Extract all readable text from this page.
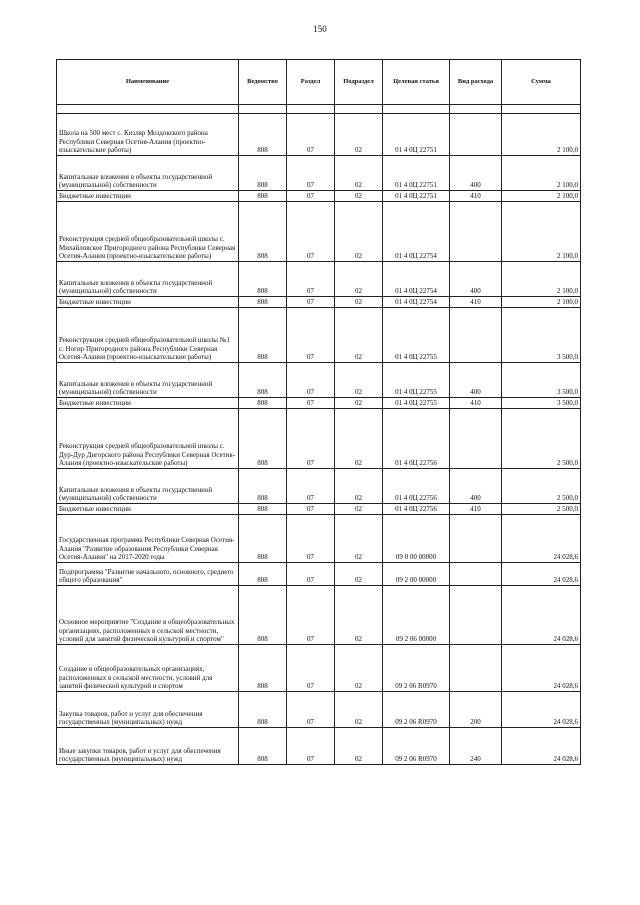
150
Наименование	Ведомство	Раздел	Подраздел	Целевая статья	Вид расхода	Сумма

Школа на 500 мест с. Кизляр Моздокского района Республики Северная Осетия-Алания (проектно-изыскательские работы)	808	07	02	01 4 0Ц 22751		2 100,0
Капитальные вложения в объекты государственной (муниципальной) собственности	808	07	02	01 4 0Ц 22751	400	2 100,0
Бюджетные инвестиции	808	07	02	01 4 0Ц 22751	410	2 100,0
Реконструкция средней общеобразовательной школы с. Михайловское Пригородного района Республики Северная Осетия-Алания (проектно-изыскательские работы)	808	07	02	01 4 0Ц 22754		2 100,0
Капитальные вложения в объекты государственной (муниципальной) собственности	808	07	02	01 4 0Ц 22754	400	2 100,0
Бюджетные инвестиции	808	07	02	01 4 0Ц 22754	410	2 100,0
Реконструкция средней общеобразовательной школы №1 с. Ногир Пригородного района Республики Северная Осетия-Алания (проектно-изыскательские работы)	808	07	02	01 4 0Ц 22755		3 500,0
Капитальные вложения в объекты государственной (муниципальной) собственности	808	07	02	01 4 0Ц 22755	400	3 500,0
Бюджетные инвестиции	808	07	02	01 4 0Ц 22755	410	3 500,0
Реконструкция средней общеобразовательной школы с. Дур-Дур Дигорского района Республики Северная Осетия-Алания (проектно-изыскательские работы)	808	07	02	01 4 0Ц 22756		2 500,0
Капитальные вложения в объекты государственной (муниципальной) собственности	808	07	02	01 4 0Ц 22756	400	2 500,0
Бюджетные инвестиции	808	07	02	01 4 0Ц 22756	410	2 500,0
Государственная программа Республики Северная Осетия-Алания "Развитие образования Республики Северная Осетия-Алания" на 2017-2020 годы	808	07	02	09 0 00 00000		24 028,6
Подпрограмма "Развитие начального, основного, среднего общего образования"	808	07	02	09 2 00 00000		24 028,6
Основное мероприятие "Создание в общеобразовательных организациях, расположенных в сельской местности, условий для занятий физической культурой и спортом"	808	07	02	09 2 06 00000		24 028,6
Создание в общеобразовательных организациях, расположенных в сельской местности, условий для занятий физической культурой и спортом	808	07	02	09 2 06 R0970		24 028,6
Закупка товаров, работ и услуг для обеспечения государственных (муниципальных) нужд	808	07	02	09 2 06 R0970	200	24 028,6
Иные закупки товаров, работ и услуг для обеспечения государственных (муниципальных) нужд	808	07	02	09 2 06 R0970	240	24 028,6
